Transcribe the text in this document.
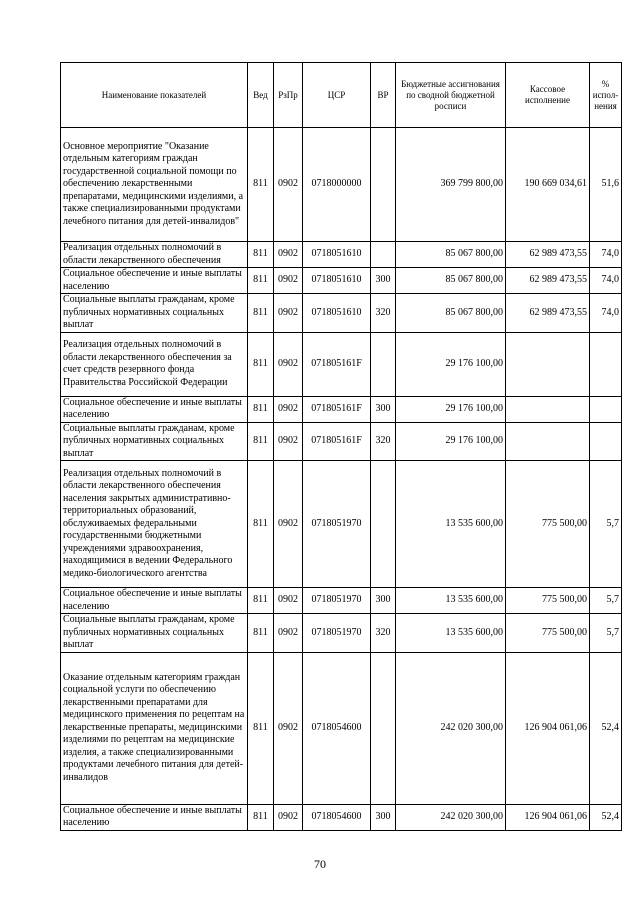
Наименование показателей	Вед	РзПр	ЦСР	ВР	Бюджетные ассигнования по сводной бюджетной росписи	Кассовое исполнение	% испол-нения
Основное мероприятие "Оказание отдельным категориям граждан государственной социальной помощи по обеспечению лекарственными препаратами, медицинскими изделиями, а также специализированными продуктами лечебного питания для детей-инвалидов"	811	0902	0718000000		369 799 800,00	190 669 034,61	51,6
Реализация отдельных полномочий в области лекарственного обеспечения	811	0902	0718051610		85 067 800,00	62 989 473,55	74,0
Социальное обеспечение и иные выплаты населению	811	0902	0718051610	300	85 067 800,00	62 989 473,55	74,0
Социальные выплаты гражданам, кроме публичных нормативных социальных выплат	811	0902	0718051610	320	85 067 800,00	62 989 473,55	74,0
Реализация отдельных полномочий в области лекарственного обеспечения за счет средств резервного фонда Правительства Российской Федерации	811	0902	071805161F		29 176 100,00		
Социальное обеспечение и иные выплаты населению	811	0902	071805161F	300	29 176 100,00		
Социальные выплаты гражданам, кроме публичных нормативных социальных выплат	811	0902	071805161F	320	29 176 100,00		
Реализация отдельных полномочий в области лекарственного обеспечения населения закрытых административно-территориальных образований, обслуживаемых федеральными государственными бюджетными учреждениями здравоохранения, находящимися в ведении Федерального медико-биологического агентства	811	0902	0718051970		13 535 600,00	775 500,00	5,7
Социальное обеспечение и иные выплаты населению	811	0902	0718051970	300	13 535 600,00	775 500,00	5,7
Социальные выплаты гражданам, кроме публичных нормативных социальных выплат	811	0902	0718051970	320	13 535 600,00	775 500,00	5,7
Оказание отдельным категориям граждан социальной услуги по обеспечению лекарственными препаратами для медицинского применения по рецептам на лекарственные препараты, медицинскими изделиями по рецептам на медицинские изделия, а также специализированными продуктами лечебного питания для детей-инвалидов	811	0902	0718054600		242 020 300,00	126 904 061,06	52,4
Социальное обеспечение и иные выплаты населению	811	0902	0718054600	300	242 020 300,00	126 904 061,06	52,4
70
